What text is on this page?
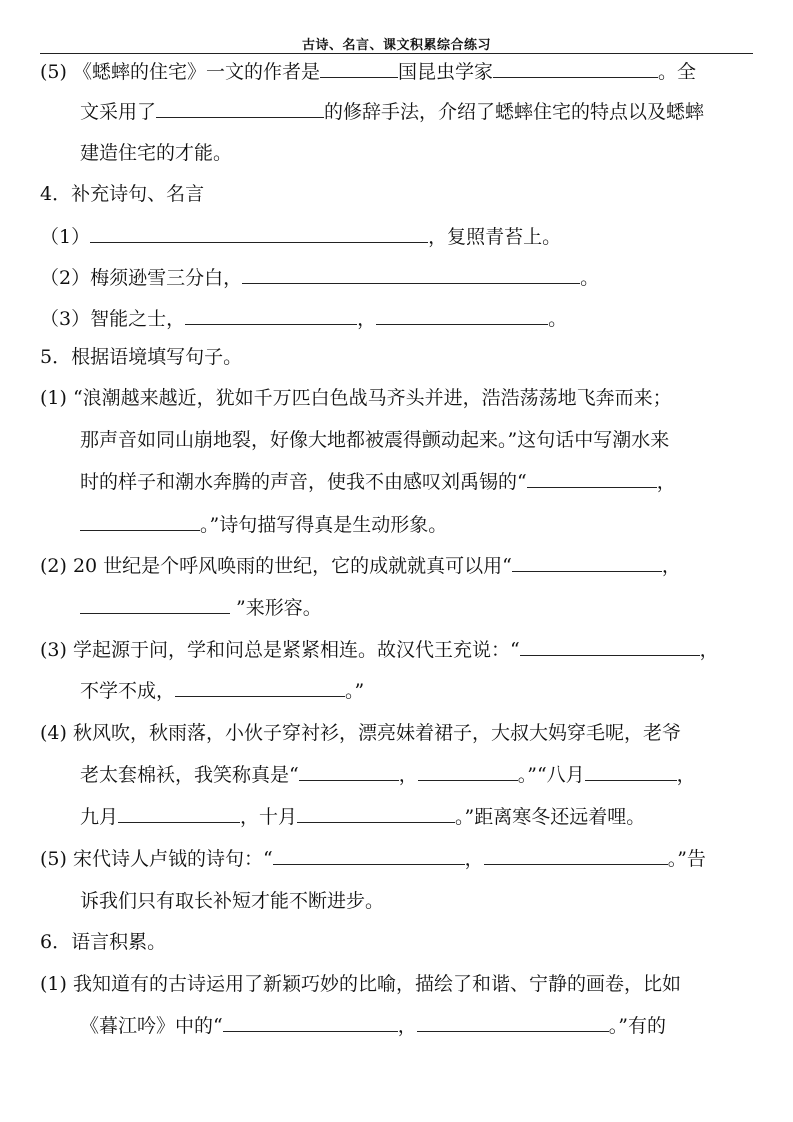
古诗、名言、课文积累综合练习
(5) 《蟋蟀的住宅》一文的作者是	国昆虫学家	。全
文采用了	的修辞手法，介绍了蟋蟀住宅的特点以及蟋蟀
建造住宅的才能。
4．补充诗句、名言
（1）	，复照青苔上。
（2）梅须逊雪三分白，	。
（3）智能之士，	，	。
5．根据语境填写句子。
(1) “浪潮越来越近，犹如千万匹白色战马齐头并进，浩浩荡荡地飞奔而来；
那声音如同山崩地裂，好像大地都被震得颤动起来。”这句话中写潮水来
时的样子和潮水奔腾的声音，使我不由感叹刘禹锡的“	，
。”诗句描写得真是生动形象。
(2) 20 世纪是个呼风唤雨的世纪，它的成就就真可以用“	，
”来形容。
(3) 学起源于问，学和问总是紧紧相连。故汉代王充说：“	，
不学不成，	。”
(4) 秋风吹，秋雨落，小伙子穿衬衫，漂亮妹着裙子，大叔大妈穿毛呢，老爷
老太套棉袄，我笑称真是“	，	。”“八月	，
九月	，十月	。”距离寒冬还远着哩。
(5) 宋代诗人卢钺的诗句：“	，	。”告
诉我们只有取长补短才能不断进步。
6．语言积累。
(1) 我知道有的古诗运用了新颖巧妙的比喻，描绘了和谐、宁静的画卷，比如
《暮江吟》中的“	，	。”有的
